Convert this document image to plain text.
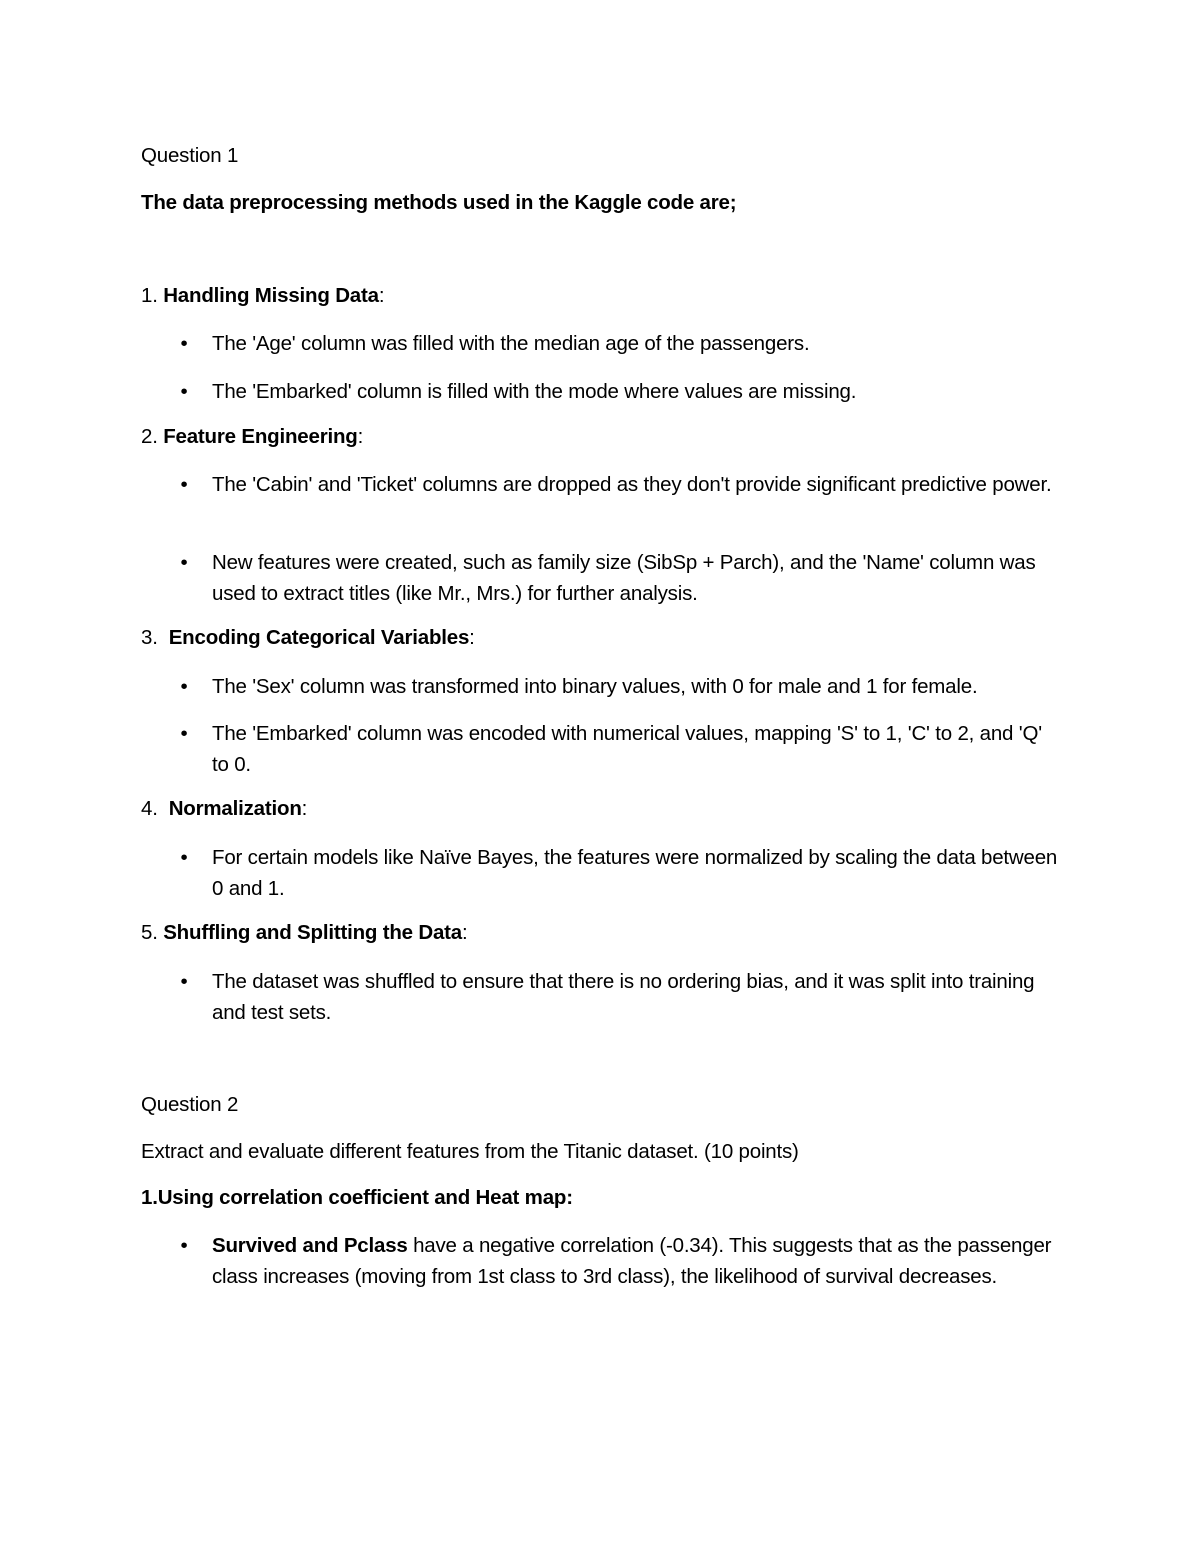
Question 1
The data preprocessing methods used in the Kaggle code are;
1. Handling Missing Data:
•	The 'Age' column was filled with the median age of the passengers.
•	The 'Embarked' column is filled with the mode where values are missing.
2. Feature Engineering:
•	The 'Cabin' and 'Ticket' columns are dropped as they don't provide significant predictive power.
•	New features were created, such as family size (SibSp + Parch), and the 'Name' column was used to extract titles (like Mr., Mrs.) for further analysis.
3. Encoding Categorical Variables:
•	The 'Sex' column was transformed into binary values, with 0 for male and 1 for female.
•	The 'Embarked' column was encoded with numerical values, mapping 'S' to 1, 'C' to 2, and 'Q' to 0.
4. Normalization:
•	For certain models like Naïve Bayes, the features were normalized by scaling the data between 0 and 1.
5. Shuffling and Splitting the Data:
•	The dataset was shuffled to ensure that there is no ordering bias, and it was split into training and test sets.
Question 2
Extract and evaluate different features from the Titanic dataset. (10 points)
1.Using correlation coefficient and Heat map:
•	Survived and Pclass have a negative correlation (-0.34). This suggests that as the passenger class increases (moving from 1st class to 3rd class), the likelihood of survival decreases.
